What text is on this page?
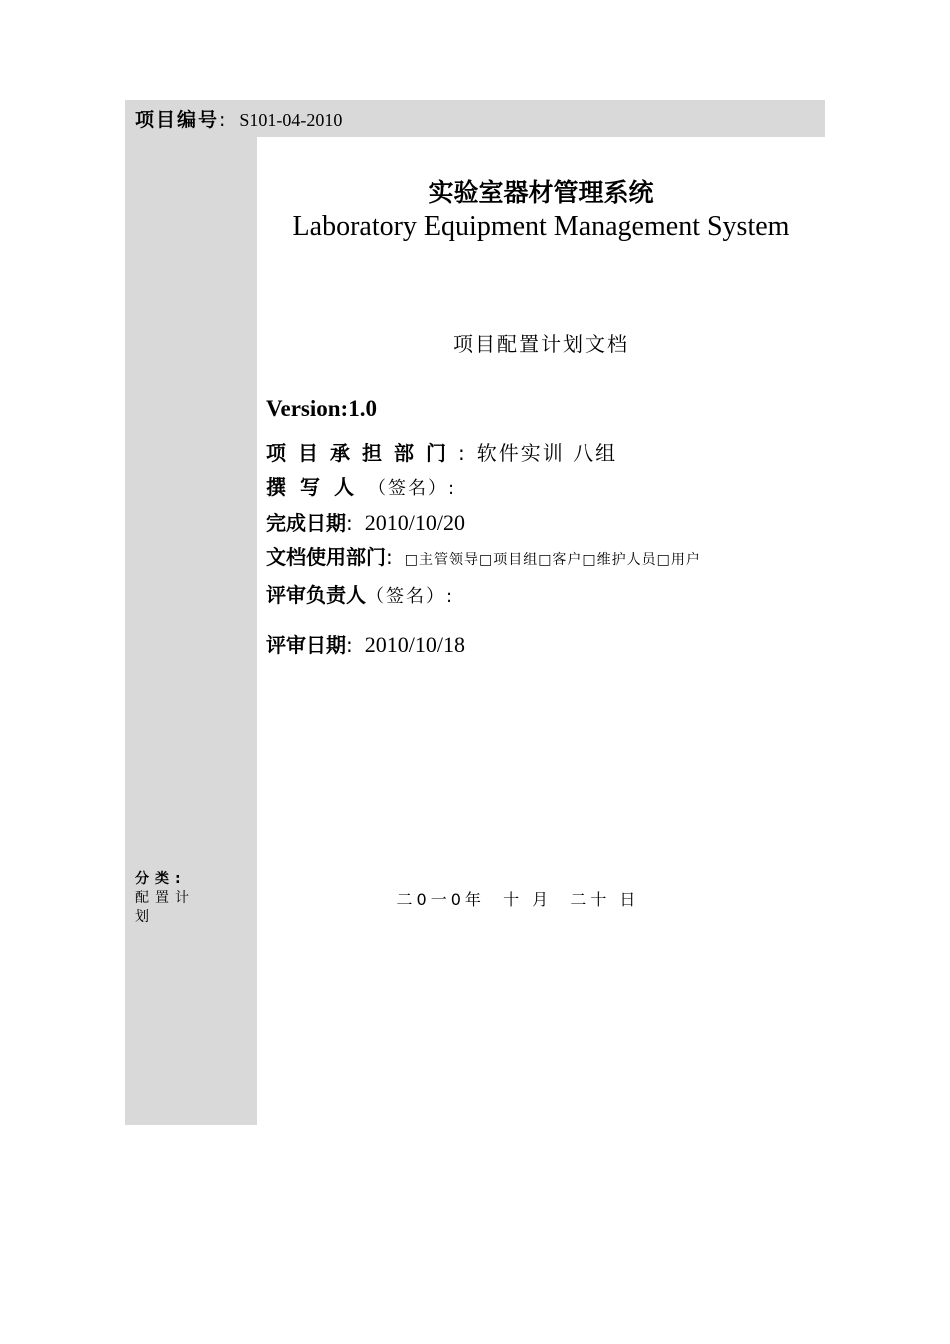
项目编号: S101-04-2010
实验室器材管理系统
Laboratory Equipment Management System
项目配置计划文档
Version:1.0
项目承担部门: 软件实训 八组
撰写人（签名）:
完成日期: 2010/10/20
文档使用部门: □主管领导□项目组□客户□维护人员□用户
评审负责人（签名）:
评审日期: 2010/10/18
分类:
配置计划
二0一0年  十 月  二十 日
